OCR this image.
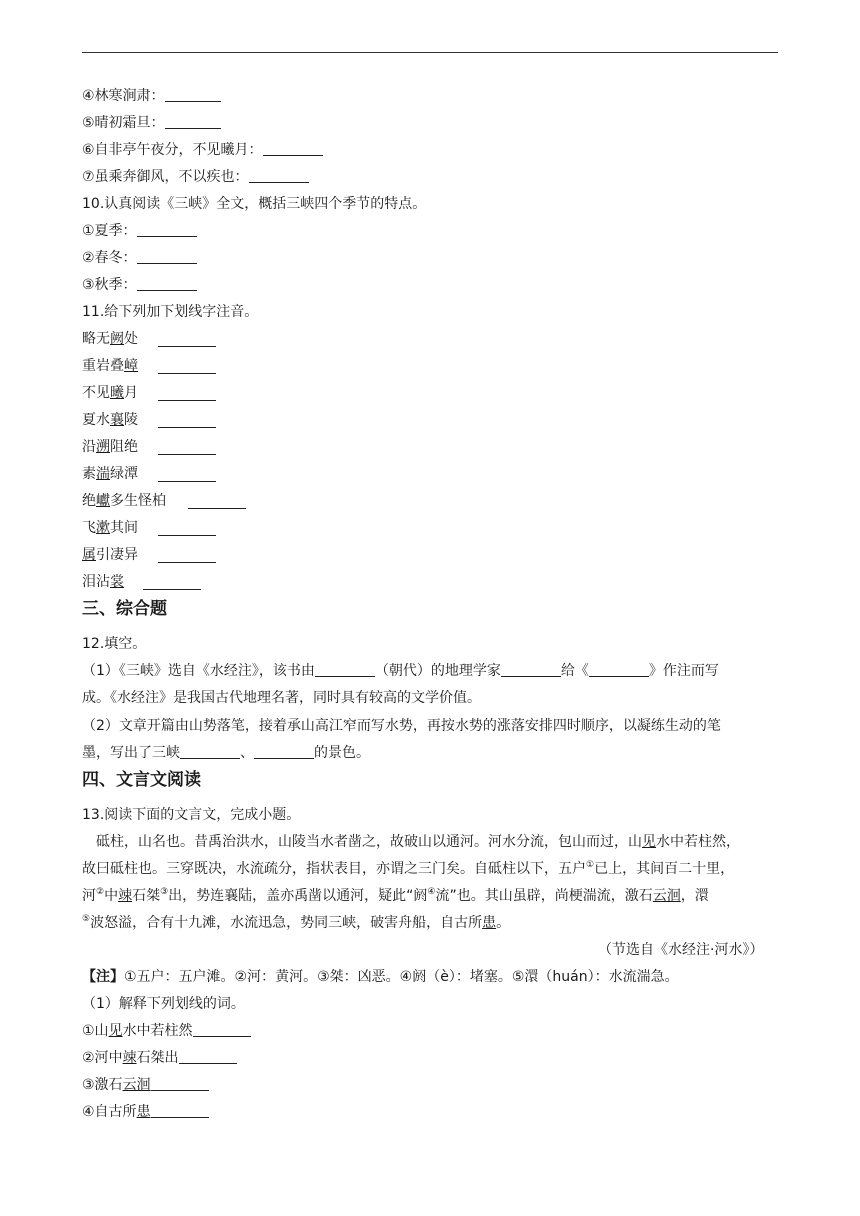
④林寒涧肃：
⑤晴初霜旦：
⑥自非亭午夜分，不见曦月：
⑦虽乘奔御风，不以疾也：
10.认真阅读《三峡》全文，概括三峡四个季节的特点。
①夏季：
②春冬：
③秋季：
11.给下列加下划线字注音。
略无阙处
重岩叠嶂
不见曦月
夏水襄陵
沿溯阻绝
素湍绿潭
绝巘多生怪柏
飞漱其间
属引凄异
泪沾裳
三、综合题
12.填空。
（1）《三峡》选自《水经注》，该书由	（朝代）的地理学家	给《	》作注而写
成。《水经注》是我国古代地理名著，同时具有较高的文学价值。
（2）文章开篇由山势落笔，接着承山高江窄而写水势，再按水势的涨落安排四时顺序，以凝练生动的笔
墨，写出了三峡	、	的景色。
四、文言文阅读
13.阅读下面的文言文，完成小题。
砥柱，山名也。昔禹治洪水，山陵当水者凿之，故破山以通河。河水分流，包山而过，山见水中若柱然，
故曰砥柱也。三穿既决，水流疏分，指状表目，亦谓之三门矣。自砥柱以下，五户①已上，其间百二十里，
河②中竦石桀③出，势连襄陆，盖亦禹凿以通河，疑此“阏④流”也。其山虽辟，尚梗湍流，激石云洄，澴
⑤波怒溢，合有十九滩，水流迅急，势同三峡，破害舟船，自古所患。
（节选自《水经注·河水》）
【注】①五户：五户滩。②河：黄河。③桀：凶恶。④阏（è）：堵塞。⑤澴（huán）：水流湍急。
（1）解释下列划线的词。
①山见水中若柱然
②河中竦石桀出
③激石云洄
④自古所患
